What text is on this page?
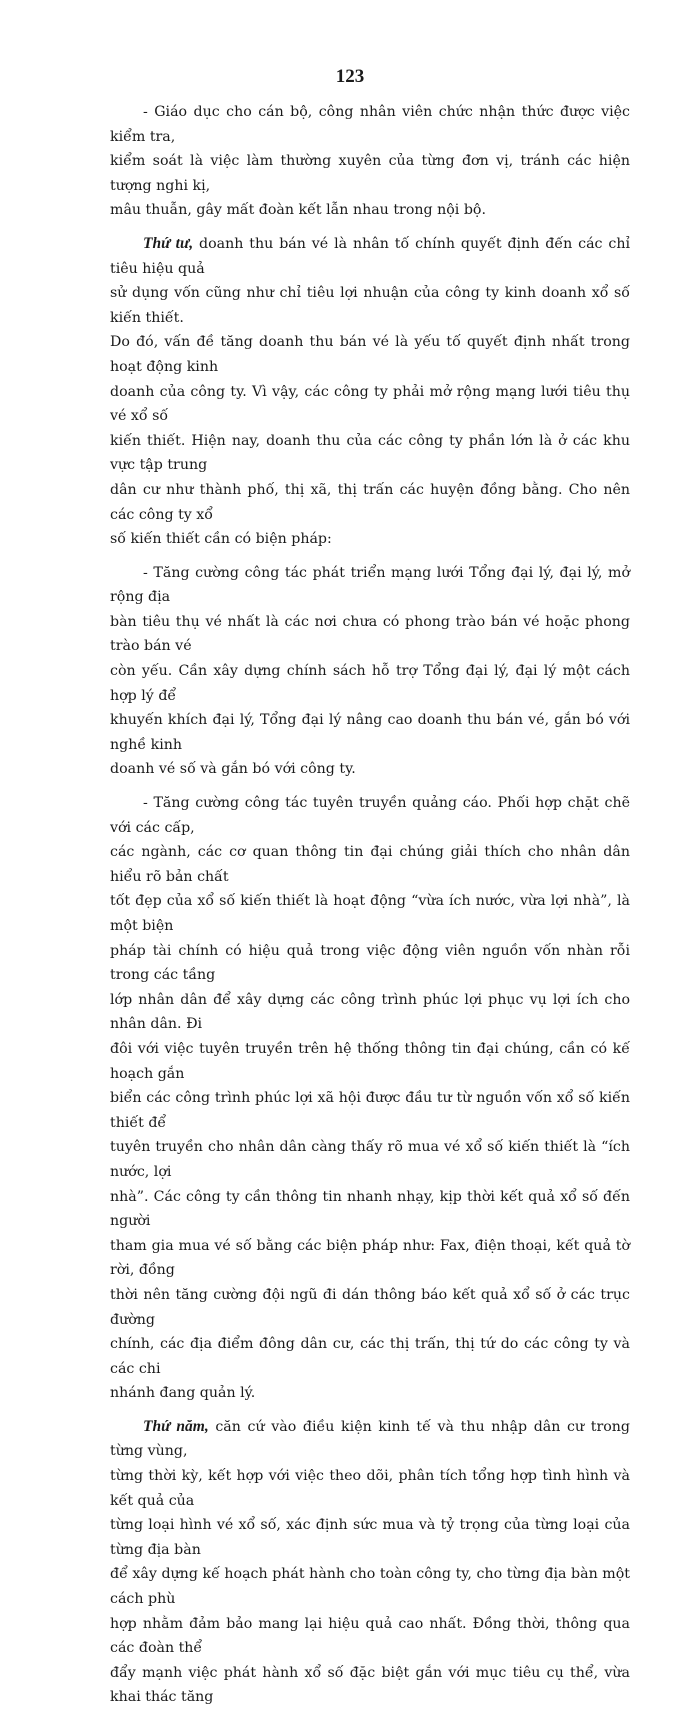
123
- Giáo dục cho cán bộ, công nhân viên chức nhận thức được việc kiểm tra,
kiểm soát là việc làm thường xuyên của từng đơn vị, tránh các hiện tượng nghi kị,
mâu thuẫn, gây mất đoàn kết lẫn nhau trong nội bộ.
Thứ tư, doanh thu bán vé là nhân tố chính quyết định đến các chỉ tiêu hiệu quả
sử dụng vốn cũng như chỉ tiêu lợi nhuận của công ty kinh doanh xổ số kiến thiết.
Do đó, vấn đề tăng doanh thu bán vé là yếu tố quyết định nhất trong hoạt động kinh
doanh của công ty. Vì vậy, các công ty phải mở rộng mạng lưới tiêu thụ vé xổ số
kiến thiết. Hiện nay, doanh thu của các công ty phần lớn là ở các khu vực tập trung
dân cư như thành phố, thị xã, thị trấn các huyện đồng bằng. Cho nên các công ty xổ
số kiến thiết cần có biện pháp:
- Tăng cường công tác phát triển mạng lưới Tổng đại lý, đại lý, mở rộng địa
bàn tiêu thụ vé nhất là các nơi chưa có phong trào bán vé hoặc phong trào bán vé
còn yếu. Cần xây dựng chính sách hỗ trợ Tổng đại lý, đại lý một cách hợp lý để
khuyến khích đại lý, Tổng đại lý nâng cao doanh thu bán vé, gắn bó với nghề kinh
doanh vé số và gắn bó với công ty.
- Tăng cường công tác tuyên truyền quảng cáo. Phối hợp chặt chẽ với các cấp,
các ngành, các cơ quan thông tin đại chúng giải thích cho nhân dân hiểu rõ bản chất
tốt đẹp của xổ số kiến thiết là hoạt động “vừa ích nước, vừa lợi nhà”, là một biện
pháp tài chính có hiệu quả trong việc động viên nguồn vốn nhàn rỗi trong các tầng
lớp nhân dân để xây dựng các công trình phúc lợi phục vụ lợi ích cho nhân dân. Đi
đôi với việc tuyên truyền trên hệ thống thông tin đại chúng, cần có kế hoạch gắn
biển các công trình phúc lợi xã hội được đầu tư từ nguồn vốn xổ số kiến thiết để
tuyên truyền cho nhân dân càng thấy rõ mua vé xổ số kiến thiết là “ích nước, lợi
nhà”. Các công ty cần thông tin nhanh nhạy, kịp thời kết quả xổ số đến người
tham gia mua vé số bằng các biện pháp như: Fax, điện thoại, kết quả tờ rời, đồng
thời nên tăng cường đội ngũ đi dán thông báo kết quả xổ số ở các trục đường
chính, các địa điểm đông dân cư, các thị trấn, thị tứ do các công ty và các chi
nhánh đang quản lý.
Thứ năm, căn cứ vào điều kiện kinh tế và thu nhập dân cư trong từng vùng,
từng thời kỳ, kết hợp với việc theo dõi, phân tích tổng hợp tình hình và kết quả của
từng loại hình vé xổ số, xác định sức mua và tỷ trọng của từng loại của từng địa bàn
để xây dựng kế hoạch phát hành cho toàn công ty, cho từng địa bàn một cách phù
hợp nhằm đảm bảo mang lại hiệu quả cao nhất. Đồng thời, thông qua các đoàn thể
đẩy mạnh việc phát hành xổ số đặc biệt gắn với mục tiêu cụ thể, vừa khai thác tăng
